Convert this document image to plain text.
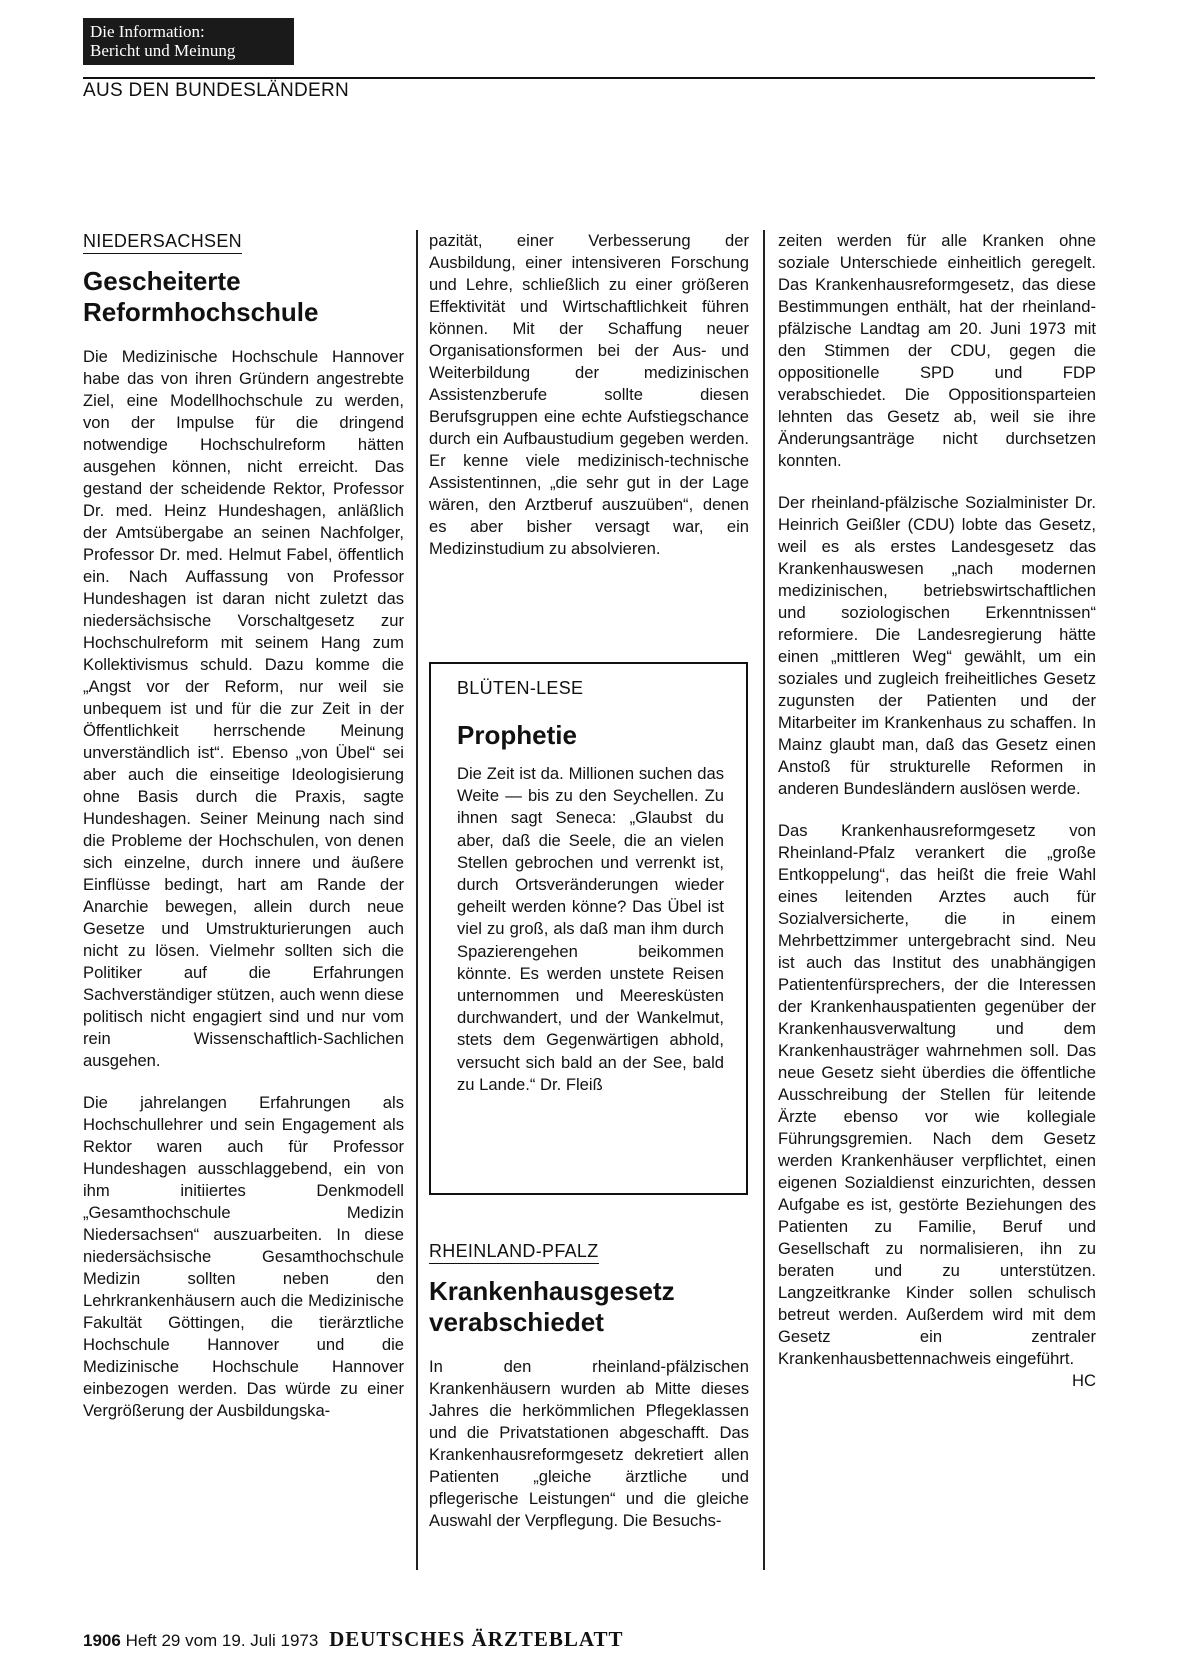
Die Information:
Bericht und Meinung
AUS DEN BUNDESLÄNDERN
NIEDERSACHSEN
Gescheiterte Reformhochschule

Die Medizinische Hochschule Hannover habe das von ihren Gründern angestrebte Ziel, eine Modellhochschule zu werden, von der Impulse für die dringend notwendige Hochschulreform hätten ausgehen können, nicht erreicht. Das gestand der scheidende Rektor, Professor Dr. med. Heinz Hundeshagen, anläßlich der Amtsübergabe an seinen Nachfolger, Professor Dr. med. Helmut Fabel, öffentlich ein. Nach Auffassung von Professor Hundeshagen ist daran nicht zuletzt das niedersächsische Vorschaltgesetz zur Hochschulreform mit seinem Hang zum Kollektivismus schuld. Dazu komme die „Angst vor der Reform, nur weil sie unbequem ist und für die zur Zeit in der Öffentlichkeit herrschende Meinung unverständlich ist“. Ebenso „von Übel“ sei aber auch die einseitige Ideologisierung ohne Basis durch die Praxis, sagte Hundeshagen. Seiner Meinung nach sind die Probleme der Hochschulen, von denen sich einzelne, durch innere und äußere Einflüsse bedingt, hart am Rande der Anarchie bewegen, allein durch neue Gesetze und Umstrukturierungen auch nicht zu lösen. Vielmehr sollten sich die Politiker auf die Erfahrungen Sachverständiger stützen, auch wenn diese politisch nicht engagiert sind und nur vom rein Wissenschaftlich-Sachlichen ausgehen.

Die jahrelangen Erfahrungen als Hochschullehrer und sein Engagement als Rektor waren auch für Professor Hundeshagen ausschlaggebend, ein von ihm initiiertes Denkmodell „Gesamthochschule Medizin Niedersachsen“ auszuarbeiten. In diese niedersächsische Gesamthochschule Medizin sollten neben den Lehrkrankenhäusern auch die Medizinische Fakultät Göttingen, die tierärztliche Hochschule Hannover und die Medizinische Hochschule Hannover einbezogen werden. Das würde zu einer Vergrößerung der Ausbildungska-

pazität, einer Verbesserung der Ausbildung, einer intensiveren Forschung und Lehre, schließlich zu einer größeren Effektivität und Wirtschaftlichkeit führen können. Mit der Schaffung neuer Organisationsformen bei der Aus- und Weiterbildung der medizinischen Assistenzberufe sollte diesen Berufsgruppen eine echte Aufstiegschance durch ein Aufbaustudium gegeben werden. Er kenne viele medizinisch-technische Assistentinnen, „die sehr gut in der Lage wären, den Arztberuf auszuüben“, denen es aber bisher versagt war, ein Medizinstudium zu absolvieren.

BLÜTEN-LESE
Prophetie
Die Zeit ist da. Millionen suchen das Weite — bis zu den Seychellen. Zu ihnen sagt Seneca: „Glaubst du aber, daß die Seele, die an vielen Stellen gebrochen und verrenkt ist, durch Ortsveränderungen wieder geheilt werden könne? Das Übel ist viel zu groß, als daß man ihm durch Spazierengehen beikommen könnte. Es werden unstete Reisen unternommen und Meeresküsten durchwandert, und der Wankelmut, stets dem Gegenwärtigen abhold, versucht sich bald an der See, bald zu Lande.“ Dr. Fleiß
RHEINLAND-PFALZ
Krankenhausgesetz verabschiedet

In den rheinland-pfälzischen Krankenhäusern wurden ab Mitte dieses Jahres die herkömmlichen Pflegeklassen und die Privatstationen abgeschafft. Das Krankenhausreformgesetz dekretiert allen Patienten „gleiche ärztliche und pflegerische Leistungen“ und die gleiche Auswahl der Verpflegung. Die Besuchs-

zeiten werden für alle Kranken ohne soziale Unterschiede einheitlich geregelt. Das Krankenhausreformgesetz, das diese Bestimmungen enthält, hat der rheinland-pfälzische Landtag am 20. Juni 1973 mit den Stimmen der CDU, gegen die oppositionelle SPD und FDP verabschiedet. Die Oppositionsparteien lehnten das Gesetz ab, weil sie ihre Änderungsanträge nicht durchsetzen konnten.

Der rheinland-pfälzische Sozialminister Dr. Heinrich Geißler (CDU) lobte das Gesetz, weil es als erstes Landesgesetz das Krankenhauswesen „nach modernen medizinischen, betriebswirtschaftlichen und soziologischen Erkenntnissen“ reformiere. Die Landesregierung hätte einen „mittleren Weg“ gewählt, um ein soziales und zugleich freiheitliches Gesetz zugunsten der Patienten und der Mitarbeiter im Krankenhaus zu schaffen. In Mainz glaubt man, daß das Gesetz einen Anstoß für strukturelle Reformen in anderen Bundesländern auslösen werde.

Das Krankenhausreformgesetz von Rheinland-Pfalz verankert die „große Entkoppelung“, das heißt die freie Wahl eines leitenden Arztes auch für Sozialversicherte, die in einem Mehrbettzimmer untergebracht sind. Neu ist auch das Institut des unabhängigen Patientenfürsprechers, der die Interessen der Krankenhauspatienten gegenüber der Krankenhausverwaltung und dem Krankenhausträger wahrnehmen soll. Das neue Gesetz sieht überdies die öffentliche Ausschreibung der Stellen für leitende Ärzte ebenso vor wie kollegiale Führungsgremien. Nach dem Gesetz werden Krankenhäuser verpflichtet, einen eigenen Sozialdienst einzurichten, dessen Aufgabe es ist, gestörte Beziehungen des Patienten zu Familie, Beruf und Gesellschaft zu normalisieren, ihn zu beraten und zu unterstützen. Langzeitkranke Kinder sollen schulisch betreut werden. Außerdem wird mit dem Gesetz ein zentraler Krankenhausbettennachweis eingeführt.
HC

1906 Heft 29 vom 19. Juli 1973 DEUTSCHES ÄRZTEBLATT
